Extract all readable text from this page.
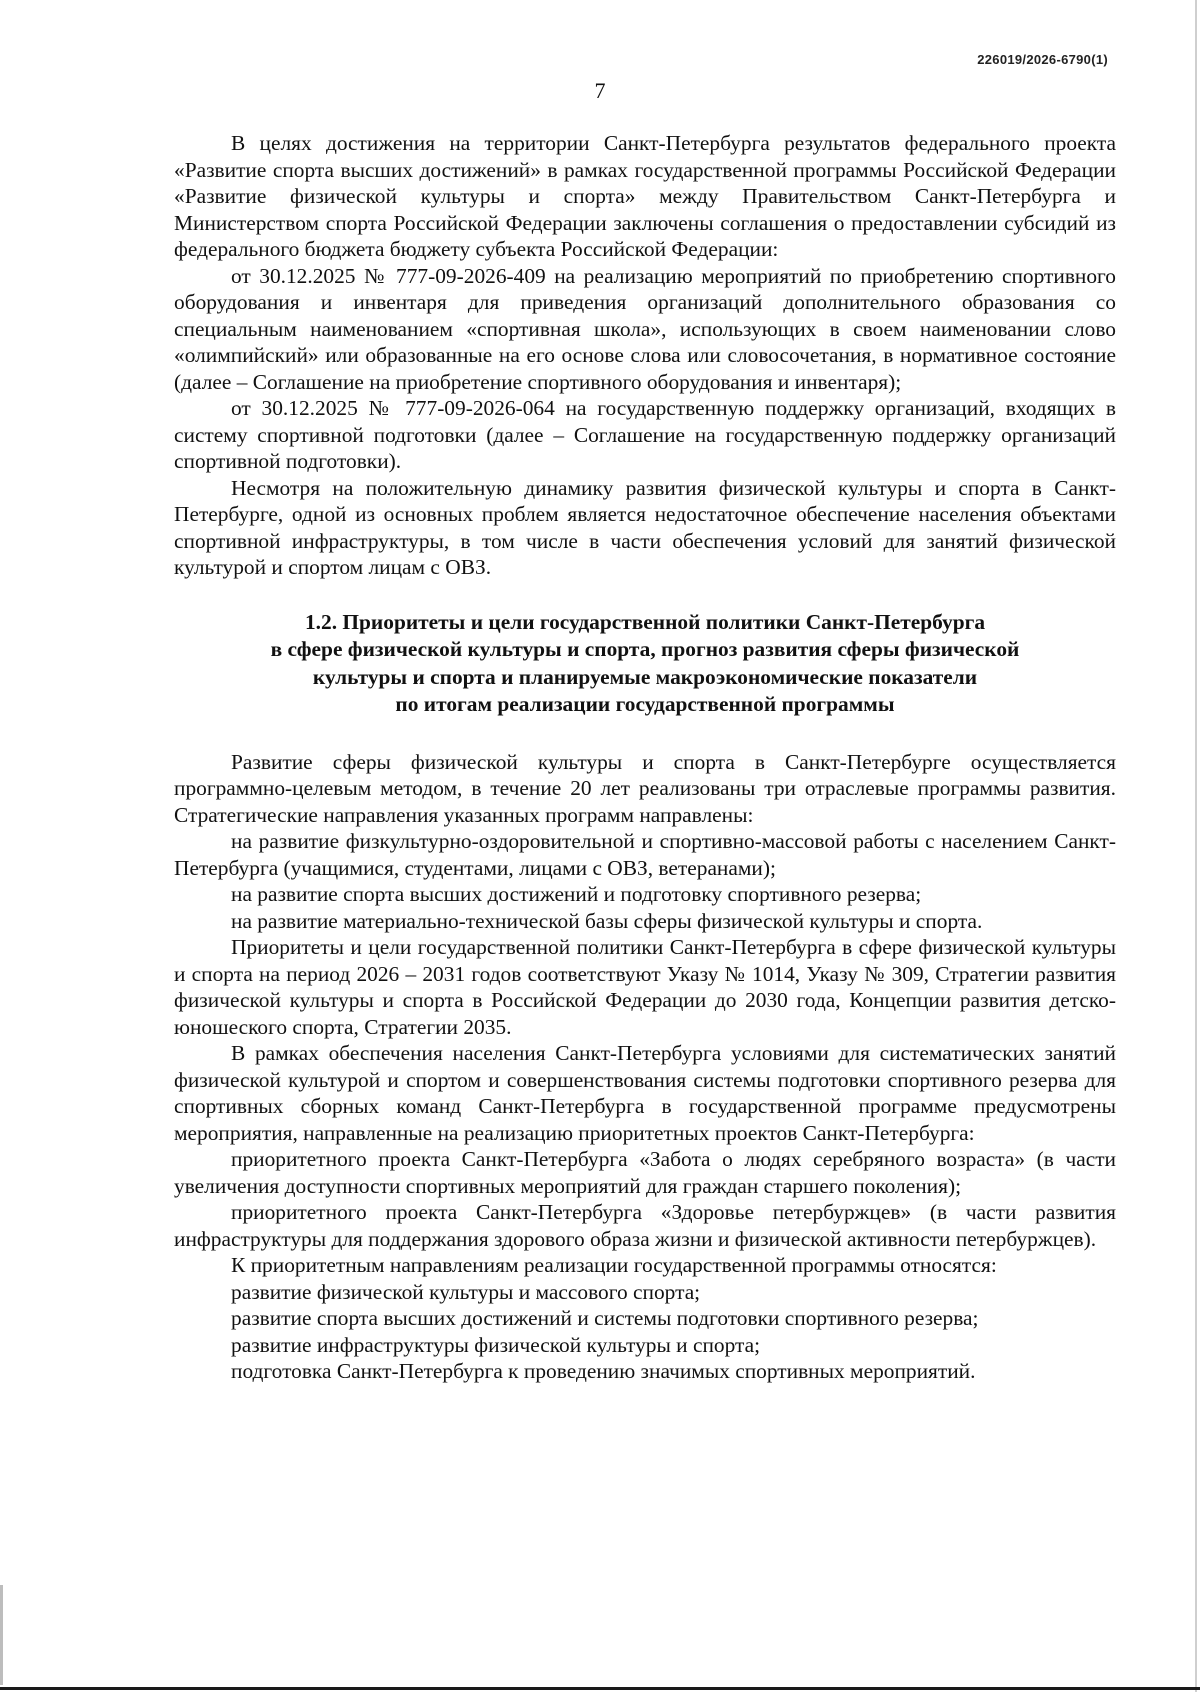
226019/2026-6790(1)
7

В целях достижения на территории Санкт-Петербурга результатов федерального проекта «Развитие спорта высших достижений» в рамках государственной программы Российской Федерации «Развитие физической культуры и спорта» между Правительством Санкт-Петербурга и Министерством спорта Российской Федерации заключены соглашения о предоставлении субсидий из федерального бюджета бюджету субъекта Российской Федерации:

от 30.12.2025 № 777-09-2026-409 на реализацию мероприятий по приобретению спортивного оборудования и инвентаря для приведения организаций дополнительного образования со специальным наименованием «спортивная школа», использующих в своем наименовании слово «олимпийский» или образованные на его основе слова или словосочетания, в нормативное состояние (далее – Соглашение на приобретение спортивного оборудования и инвентаря);

от 30.12.2025 № 777-09-2026-064 на государственную поддержку организаций, входящих в систему спортивной подготовки (далее – Соглашение на государственную поддержку организаций спортивной подготовки).

Несмотря на положительную динамику развития физической культуры и спорта в Санкт-Петербурге, одной из основных проблем является недостаточное обеспечение населения объектами спортивной инфраструктуры, в том числе в части обеспечения условий для занятий физической культурой и спортом лицам с ОВЗ.

1.2. Приоритеты и цели государственной политики Санкт-Петербурга
в сфере физической культуры и спорта, прогноз развития сферы физической
культуры и спорта и планируемые макроэкономические показатели
по итогам реализации государственной программы

Развитие сферы физической культуры и спорта в Санкт-Петербурге осуществляется программно-целевым методом, в течение 20 лет реализованы три отраслевые программы развития. Стратегические направления указанных программ направлены:

на развитие физкультурно-оздоровительной и спортивно-массовой работы с населением Санкт-Петербурга (учащимися, студентами, лицами с ОВЗ, ветеранами);

на развитие спорта высших достижений и подготовку спортивного резерва;

на развитие материально-технической базы сферы физической культуры и спорта.

Приоритеты и цели государственной политики Санкт-Петербурга в сфере физической культуры и спорта на период 2026 – 2031 годов соответствуют Указу № 1014, Указу № 309, Стратегии развития физической культуры и спорта в Российской Федерации до 2030 года, Концепции развития детско-юношеского спорта, Стратегии 2035.

В рамках обеспечения населения Санкт-Петербурга условиями для систематических занятий физической культурой и спортом и совершенствования системы подготовки спортивного резерва для спортивных сборных команд Санкт-Петербурга в государственной программе предусмотрены мероприятия, направленные на реализацию приоритетных проектов Санкт-Петербурга:

приоритетного проекта Санкт-Петербурга «Забота о людях серебряного возраста» (в части увеличения доступности спортивных мероприятий для граждан старшего поколения);

приоритетного проекта Санкт-Петербурга «Здоровье петербуржцев» (в части развития инфраструктуры для поддержания здорового образа жизни и физической активности петербуржцев).

К приоритетным направлениям реализации государственной программы относятся:

развитие физической культуры и массового спорта;

развитие спорта высших достижений и системы подготовки спортивного резерва;

развитие инфраструктуры физической культуры и спорта;

подготовка Санкт-Петербурга к проведению значимых спортивных мероприятий.
